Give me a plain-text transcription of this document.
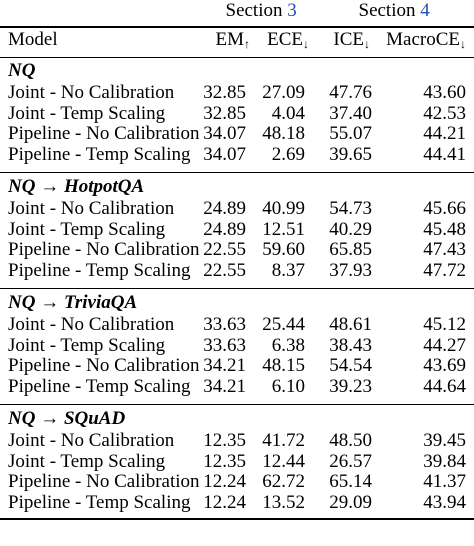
Section 3	Section 4
Model	$EM_↑$ $ECE_↓$ $ICE_↓$ MacroCE$_↓$
NQ
Joint - No Calibration 32.85 27.09 47.76	43.60
Joint - Temp Scaling 32.85 4.04 37.40	42.53
Pipeline - No Calibration 34.07 48.18 55.07	44.21
Pipeline - Temp Scaling 34.07 2.69 39.65	44.41
NQ → HotpotQA
Joint - No Calibration 24.89 40.99 54.73	45.66
Joint - Temp Scaling 24.89 12.51 40.29	45.48
Pipeline - No Calibration 22.55 59.60 65.85	47.43
Pipeline - Temp Scaling 22.55 8.37 37.93	47.72
NQ → TriviaQA
Joint - No Calibration 33.63 25.44 48.61	45.12
Joint - Temp Scaling 33.63 6.38 38.43	44.27
Pipeline - No Calibration 34.21 48.15 54.54	43.69
Pipeline - Temp Scaling 34.21 6.10 39.23	44.64
NQ → SQuAD
Joint - No Calibration 12.35 41.72 48.50	39.45
Joint - Temp Scaling 12.35 12.44 26.57	39.84
Pipeline - No Calibration 12.24 62.72 65.14	41.37
Pipeline - Temp Scaling 12.24 13.52 29.09	43.94
